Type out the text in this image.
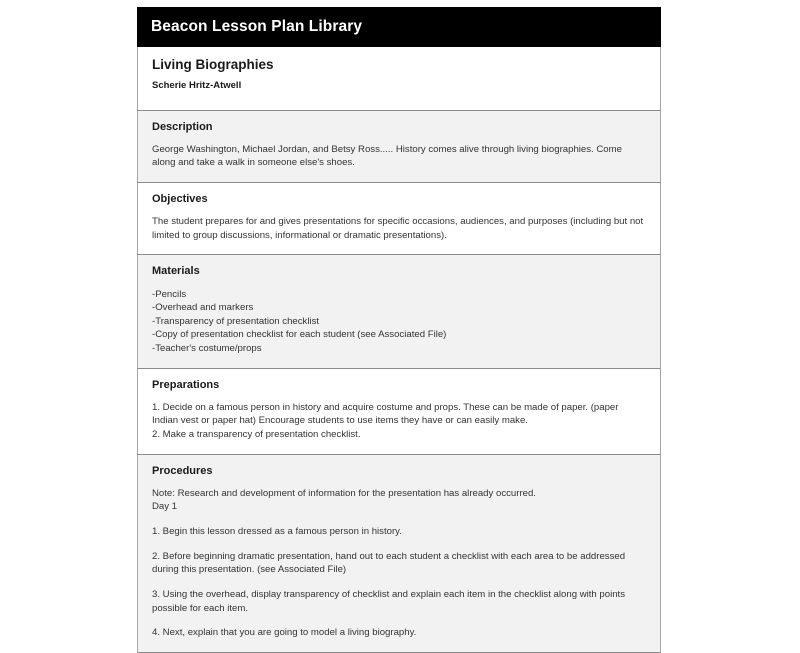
Beacon Lesson Plan Library
Living Biographies

Scherie Hritz-Atwell

Description

George Washington, Michael Jordan, and Betsy Ross..... History comes alive through living biographies. Come along and take a walk in someone else's shoes.

Objectives

The student prepares for and gives presentations for specific occasions, audiences, and purposes (including but not limited to group discussions, informational or dramatic presentations).

Materials
-Pencils
-Overhead and markers
-Transparency of presentation checklist
-Copy of presentation checklist for each student (see Associated File)
-Teacher's costume/props
Preparations

1. Decide on a famous person in history and acquire costume and props. These can be made of paper. (paper Indian vest or paper hat) Encourage students to use items they have or can easily make.

2. Make a transparency of presentation checklist.

Procedures

Note: Research and development of information for the presentation has already occurred.

Day 1

1. Begin this lesson dressed as a famous person in history.

2. Before beginning dramatic presentation, hand out to each student a checklist with each area to be addressed during this presentation. (see Associated File)

3. Using the overhead, display transparency of checklist and explain each item in the checklist along with points possible for each item.

4. Next, explain that you are going to model a living biography.
